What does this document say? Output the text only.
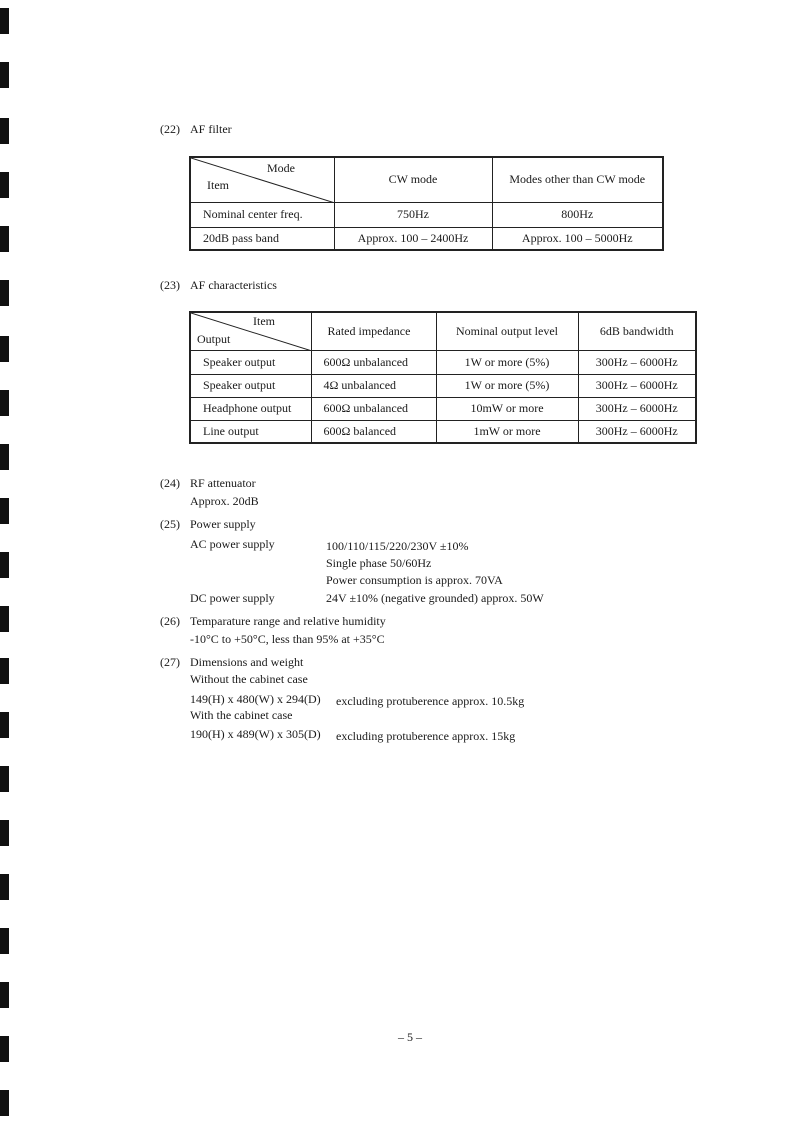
(22) AF filter
Mode
Item	CW mode	Modes other than CW mode
Nominal center freq.	750Hz	800Hz
20dB pass band	Approx. 100 – 2400Hz	Approx. 100 – 5000Hz
(23) AF characteristics
Item
Output	Rated impedance	Nominal output level	6dB bandwidth
Speaker output	600Ω unbalanced	1W or more (5%)	300Hz – 6000Hz
Speaker output	4Ω unbalanced	1W or more (5%)	300Hz – 6000Hz
Headphone output	600Ω unbalanced	10mW or more	300Hz – 6000Hz
Line output	600Ω balanced	1mW or more	300Hz – 6000Hz
(24) RF attenuator
Approx. 20dB
(25) Power supply
AC power supply	100/110/115/220/230V ±10%
Single phase 50/60Hz
Power consumption is approx. 70VA
DC power supply	24V ±10% (negative grounded) approx. 50W
(26) Temparature range and relative humidity
-10°C to +50°C, less than 95% at +35°C
(27) Dimensions and weight
Without the cabinet case
149(H) x 480(W) x 294(D) excluding protuberence approx. 10.5kg
With the cabinet case
190(H) x 489(W) x 305(D) excluding protuberence approx. 15kg
– 5 –
